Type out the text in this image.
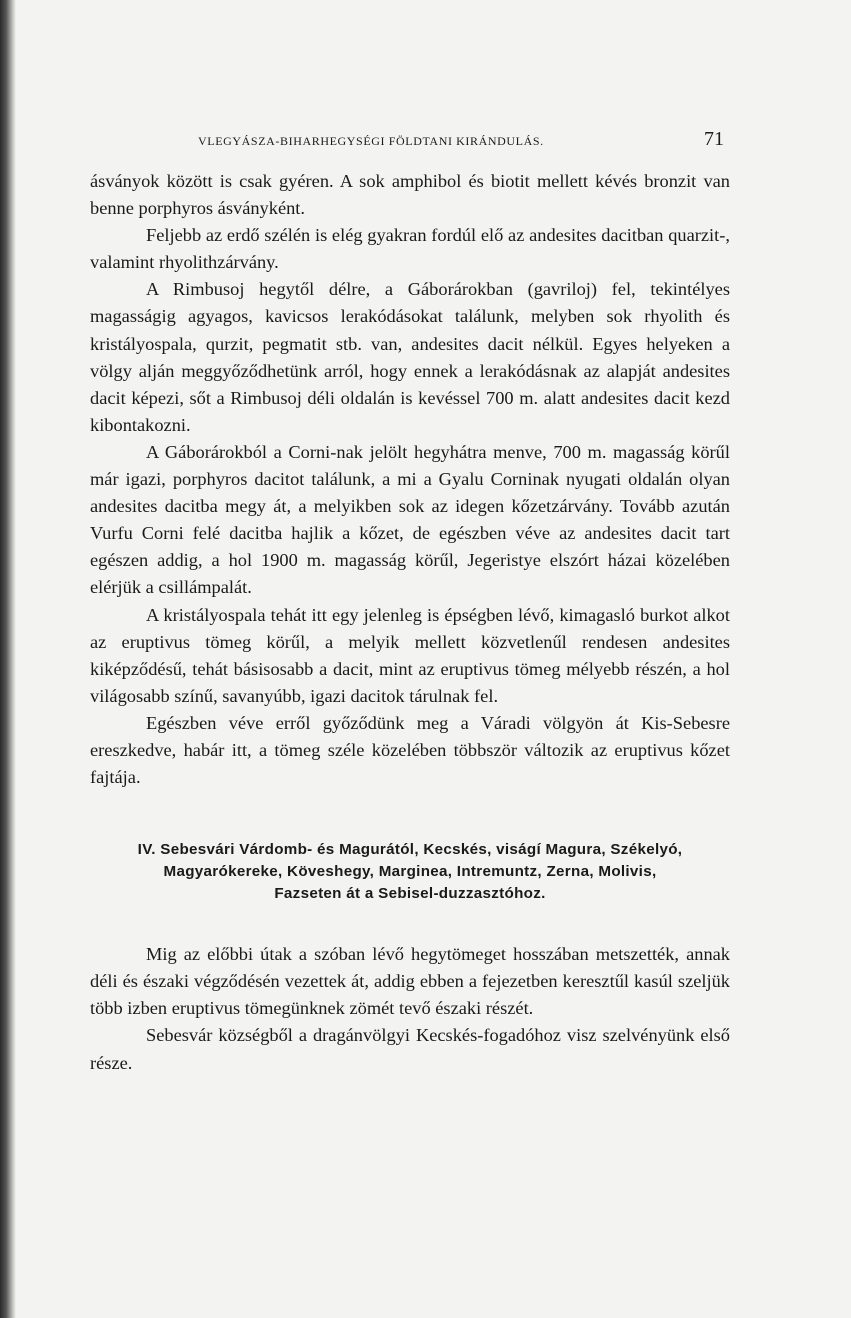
VLEGYÁSZA-BIHARHEGYSÉGI FÖLDTANI KIRÁNDULÁS.	71

ásványok között is csak gyéren. A sok amphibol és biotit mellett kévés bronzit van benne porphyros ásványként.

Feljebb az erdő szélén is elég gyakran fordúl elő az andesites dacitban quarzit-, valamint rhyolithzárvány.

A Rimbusoj hegytől délre, a Gáborárokban (gavriloj) fel, tekintélyes magasságig agyagos, kavicsos lerakódásokat találunk, melyben sok rhyolith és kristályospala, qurzit, pegmatit stb. van, andesites dacit nélkül. Egyes helyeken a völgy alján meggyőződhetünk arról, hogy ennek a lerakódásnak az alapját andesites dacit képezi, sőt a Rimbusoj déli oldalán is kevéssel 700 m. alatt andesites dacit kezd kibontakozni.

A Gáborárokból a Corni-nak jelölt hegyhátra menve, 700 m. magasság körűl már igazi, porphyros dacitot találunk, a mi a Gyalu Corninak nyugati oldalán olyan andesites dacitba megy át, a melyikben sok az idegen kőzetzárvány. Tovább azután Vurfu Corni felé dacitba hajlik a kőzet, de egészben véve az andesites dacit tart egészen addig, a hol 1900 m. magasság körűl, Jegeristye elszórt házai közelében elérjük a csillámpalát.

A kristályospala tehát itt egy jelenleg is épségben lévő, kimagasló burkot alkot az eruptivus tömeg körűl, a melyik mellett közvetlenűl rendesen andesites kiképződésű, tehát básisosabb a dacit, mint az eruptivus tömeg mélyebb részén, a hol világosabb színű, savanyúbb, igazi dacitok tárulnak fel.

Egészben véve erről győződünk meg a Váradi völgyön át Kis-Sebesre ereszkedve, habár itt, a tömeg széle közelében többször változik az eruptivus kőzet fajtája.

IV. Sebesvári Várdomb- és Magurától, Kecskés, viságí Magura, Székelyó,
Magyarókereke, Köveshegy, Marginea, Intremuntz, Zerna, Molivis,
Fazseten át a Sebisel-duzzasztóhoz.

Mig az előbbi útak a szóban lévő hegytömeget hosszában metszették, annak déli és északi végződésén vezettek át, addig ebben a fejezetben keresztűl kasúl szeljük több izben eruptivus tömegünknek zömét tevő északi részét.

Sebesvár községből a dragánvölgyi Kecskés-fogadóhoz visz szelvényünk első része.
